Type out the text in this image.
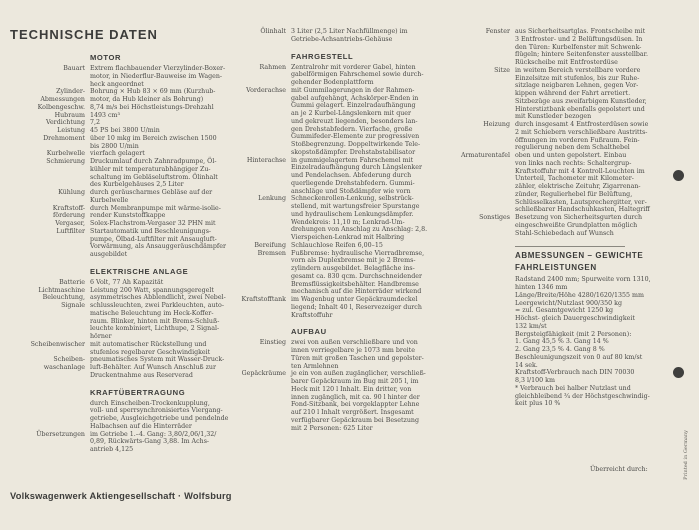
TECHNISCHE DATEN
MOTOR
Bauart Extrem flachbauender Vierzylinder-Boxer-
motor, in Niederflur-Bauweise im Wagen-
heck angeordnet
Zylinder- Bohrung × Hub 83 × 69 mm (Kurzhub-
Abmessungen motor, da Hub kleiner als Bohrung)
Kolbengeschw. 8,74 m/s bei Höchstleistungs-Drehzahl
Hubraum 1493 cm³
Verdichtung 7,2
Leistung 45 PS bei 3800 U/min
Drehmoment über 10 mkg im Bereich zwischen 1500
bis 2800 U/min
Kurbelwelle vierfach gelagert
Schmierung Druckumlauf durch Zahnradpumpe, Öl-
kühler mit temperaturabhängiger Zu-
schaltung im Gebläseluftstrom. Ölinhalt
des Kurbelgehäuses 2,5 Liter
Kühlung durch geräuscharmes Gebläse auf der
Kurbelwelle
Kraftstoff- durch Membranpumpe mit wärme-isolie-
förderung render Kunststoffkappe
Vergaser, Solex-Flachstrom-Vergaser 32 PHN mit
Luftfilter Startautomatik und Beschleunigungs-
pumpe, Ölbad-Luftfilter mit Ansaugluft-
Vorwärmung, als Ansauggeräuschdämpfer
ausgebildet
ELEKTRISCHE ANLAGE
Batterie 6 Volt, 77 Ah Kapazität
Lichtmaschine Leistung 200 Watt, spannungsgeregelt
Beleuchtung, asymmetrisches Abblendlicht, zwei Nebel-
Signale schlussleuchten, zwei Parkleuchten, auto-
matische Beleuchtung im Heck-Koffer-
raum. Blinker, hinten mit Brems-Schluß-
leuchte kombiniert, Lichthupe, 2 Signal-
hörner
Scheibenwischer mit automatischer Rückstellung und
stufenlos regelbarer Geschwindigkeit
Scheiben- pneumatisches System mit Wasser-Druck-
waschanlage luft-Behälter. Auf Wunsch Anschluß zur
Druckentnahme aus Reserverad
KRAFTÜBERTRAGUNG
durch Einscheiben-Trockenkupplung,
voll- und sperrsynchronisiertes Viergang-
getriebe, Ausgleichgetriebe und pendelnde
Halbachsen auf die Hinterräder
Übersetzungen im Getriebe 1.–4. Gang: 3,80/2,06/1,32/
0,89, Rückwärts-Gang 3,88. Im Achs-
antrieb 4,125
Ölinhalt 3 Liter (2,5 Liter Nachfüllmenge) im
Getriebe-Achsantriebs-Gehäuse
FAHRGESTELL
Rahmen Zentralrohr mit vorderer Gabel, hinten
gabelförmigen Fahrschemel sowie durch-
gehender Bodenplattform
Vorderachse mit Gummilagerungen in der Rahmen-
gabel aufgehängt, Achskörper-Enden in
Gummi gelagert. Einzelradaufhängung
an je 2 Kurbel-Längslenkern mit quer
und gekreuzt liegenden, besonders lan-
gen Drehstabfedern. Vierfache, große
Gummifeder-Elemente zur progressiven
Stoßbegrenzung. Doppeltwirkende Tele-
skopstoßdämpfer. Drehstabstabilisator
Hinterachse in gummigelagertem Fahrschemel mit
Einzelradaufhängung durch Längslenker
und Pendelachsen. Abfederung durch
querliegende Drehstabfedern. Gummi-
anschläge und Stoßdämpfer wie vorn
Lenkung Schneckenrollen-Lenkung, selbstrück-
stellend, mit wartungsfreier Spurstange
und hydraulischem Lenkungsdämpfer.
Wendekreis: 11,10 m; Lenkrad-Um-
drehungen von Anschlag zu Anschlag: 2,8.
Vierspeichen-Lenkrad mit Halbring
Bereifung Schlauchlose Reifen 6,00–15
Bremsen Fußbremse: hydraulische Vierradbremse,
vorn als Duplexbremse mit je 2 Brems-
zylindern ausgebildet. Belagfläche ins-
gesamt ca. 830 qcm. Durchschneidender
Bremsflüssigkeitsbehälter. Handbremse
mechanisch auf die Hinterräder wirkend
Kraftstofftank im Wagenbug unter Gepäckraumdeckel
liegend; Inhalt 40 l, Reservezeiger durch
Kraftstoffuhr
AUFBAU
Einstieg zwei von außen verschließbare und von
innen verriegelbare je 1073 mm breite
Türen mit großen Taschen und gepolster-
ten Armlehnen
Gepäckräume je ein von außen zugänglicher, verschließ-
barer Gepäckraum im Bug mit 205 l, im
Heck mit 120 l Inhalt. Ein dritter, von
innen zugänglich, mit ca. 90 l hinter der
Fond-Sitzbank, bei vorgeklappter Lehne
auf 210 l Inhalt vergrößert. Insgesamt
verfügbarer Gepäckraum bei Besetzung
mit 2 Personen: 625 Liter
Fenster aus Sicherheitsartglas. Frontscheibe mit
3 Entfroster- und 2 Belüftungsdüsen. In
den Türen: Kurbelfenster mit Schwenk-
flügeln; hintere Seitenfenster ausstellbar.
Rückscheibe mit Entfrosterdüse
Sitze in weitem Bereich verstellbare vordere
Einzelsitze mit stufenlos, bis zur Ruhe-
sitzlage neigbaren Lehnen, gegen Vor-
kippen während der Fahrt arretiert.
Sitzbezüge aus zweifarbigem Kunstleder,
Hinterstiztbank ebenfalls gepolstert und
mit Kunstleder bezogen
Heizung durch insgesamt 4 Entfrosterdüsen sowie
2 mit Schiebern verschließbare Austritts-
öffnungen im vorderen Fußraum. Fein-
regulierung neben dem Schalthebel
Armaturentafel oben und unten gepolstert. Einbau
von links nach rechts: Schaltergrup-
Kraftstoffuhr mit 4 Kontroll-Leuchten im
Unterteil, Tachometer mit Kilometer-
zähler, elektrische Zeituhr, Zigarrenan-
zünder, Regulierhebel für Belüftung,
Schlüsselkasten, Lautsprechergitter, ver-
schließbarer Handschuhkasten, Haltegriff
Sonstiges Besetzung von Sicherheitsgurten durch
eingeschweißte Grundplatten möglich
Stahl-Schiebedach auf Wunsch
ABMESSUNGEN – GEWICHTE
FAHRLEISTUNGEN
Radstand 2400 mm; Spurweite vorn 1310,
hinten 1346 mm
Länge/Breite/Höhe 4280/1620/1355 mm
Leergewicht/Nutzlast 900/350 kg
= zul. Gesamtgewicht 1250 kg
Höchst- gleich Dauergeschwindigkeit
132 km/st
Bergsteigfähigkeit (mit 2 Personen):
1. Gang 45,5 % 3. Gang 14 %
2. Gang 23,5 % 4. Gang 8 %
Beschleunigungszeit von 0 auf 80 km/st
14 sek.
Kraftstoff-Verbrauch nach DIN 70030
8,3 l/100 km
* Verbrauch bei halber Nutzlast und
gleichbleibend ¾ der Höchstgeschwindig-
keit plus 10 %
Überreicht durch:	Printed in Germany
Volkswagenwerk Aktiengesellschaft · Wolfsburg
